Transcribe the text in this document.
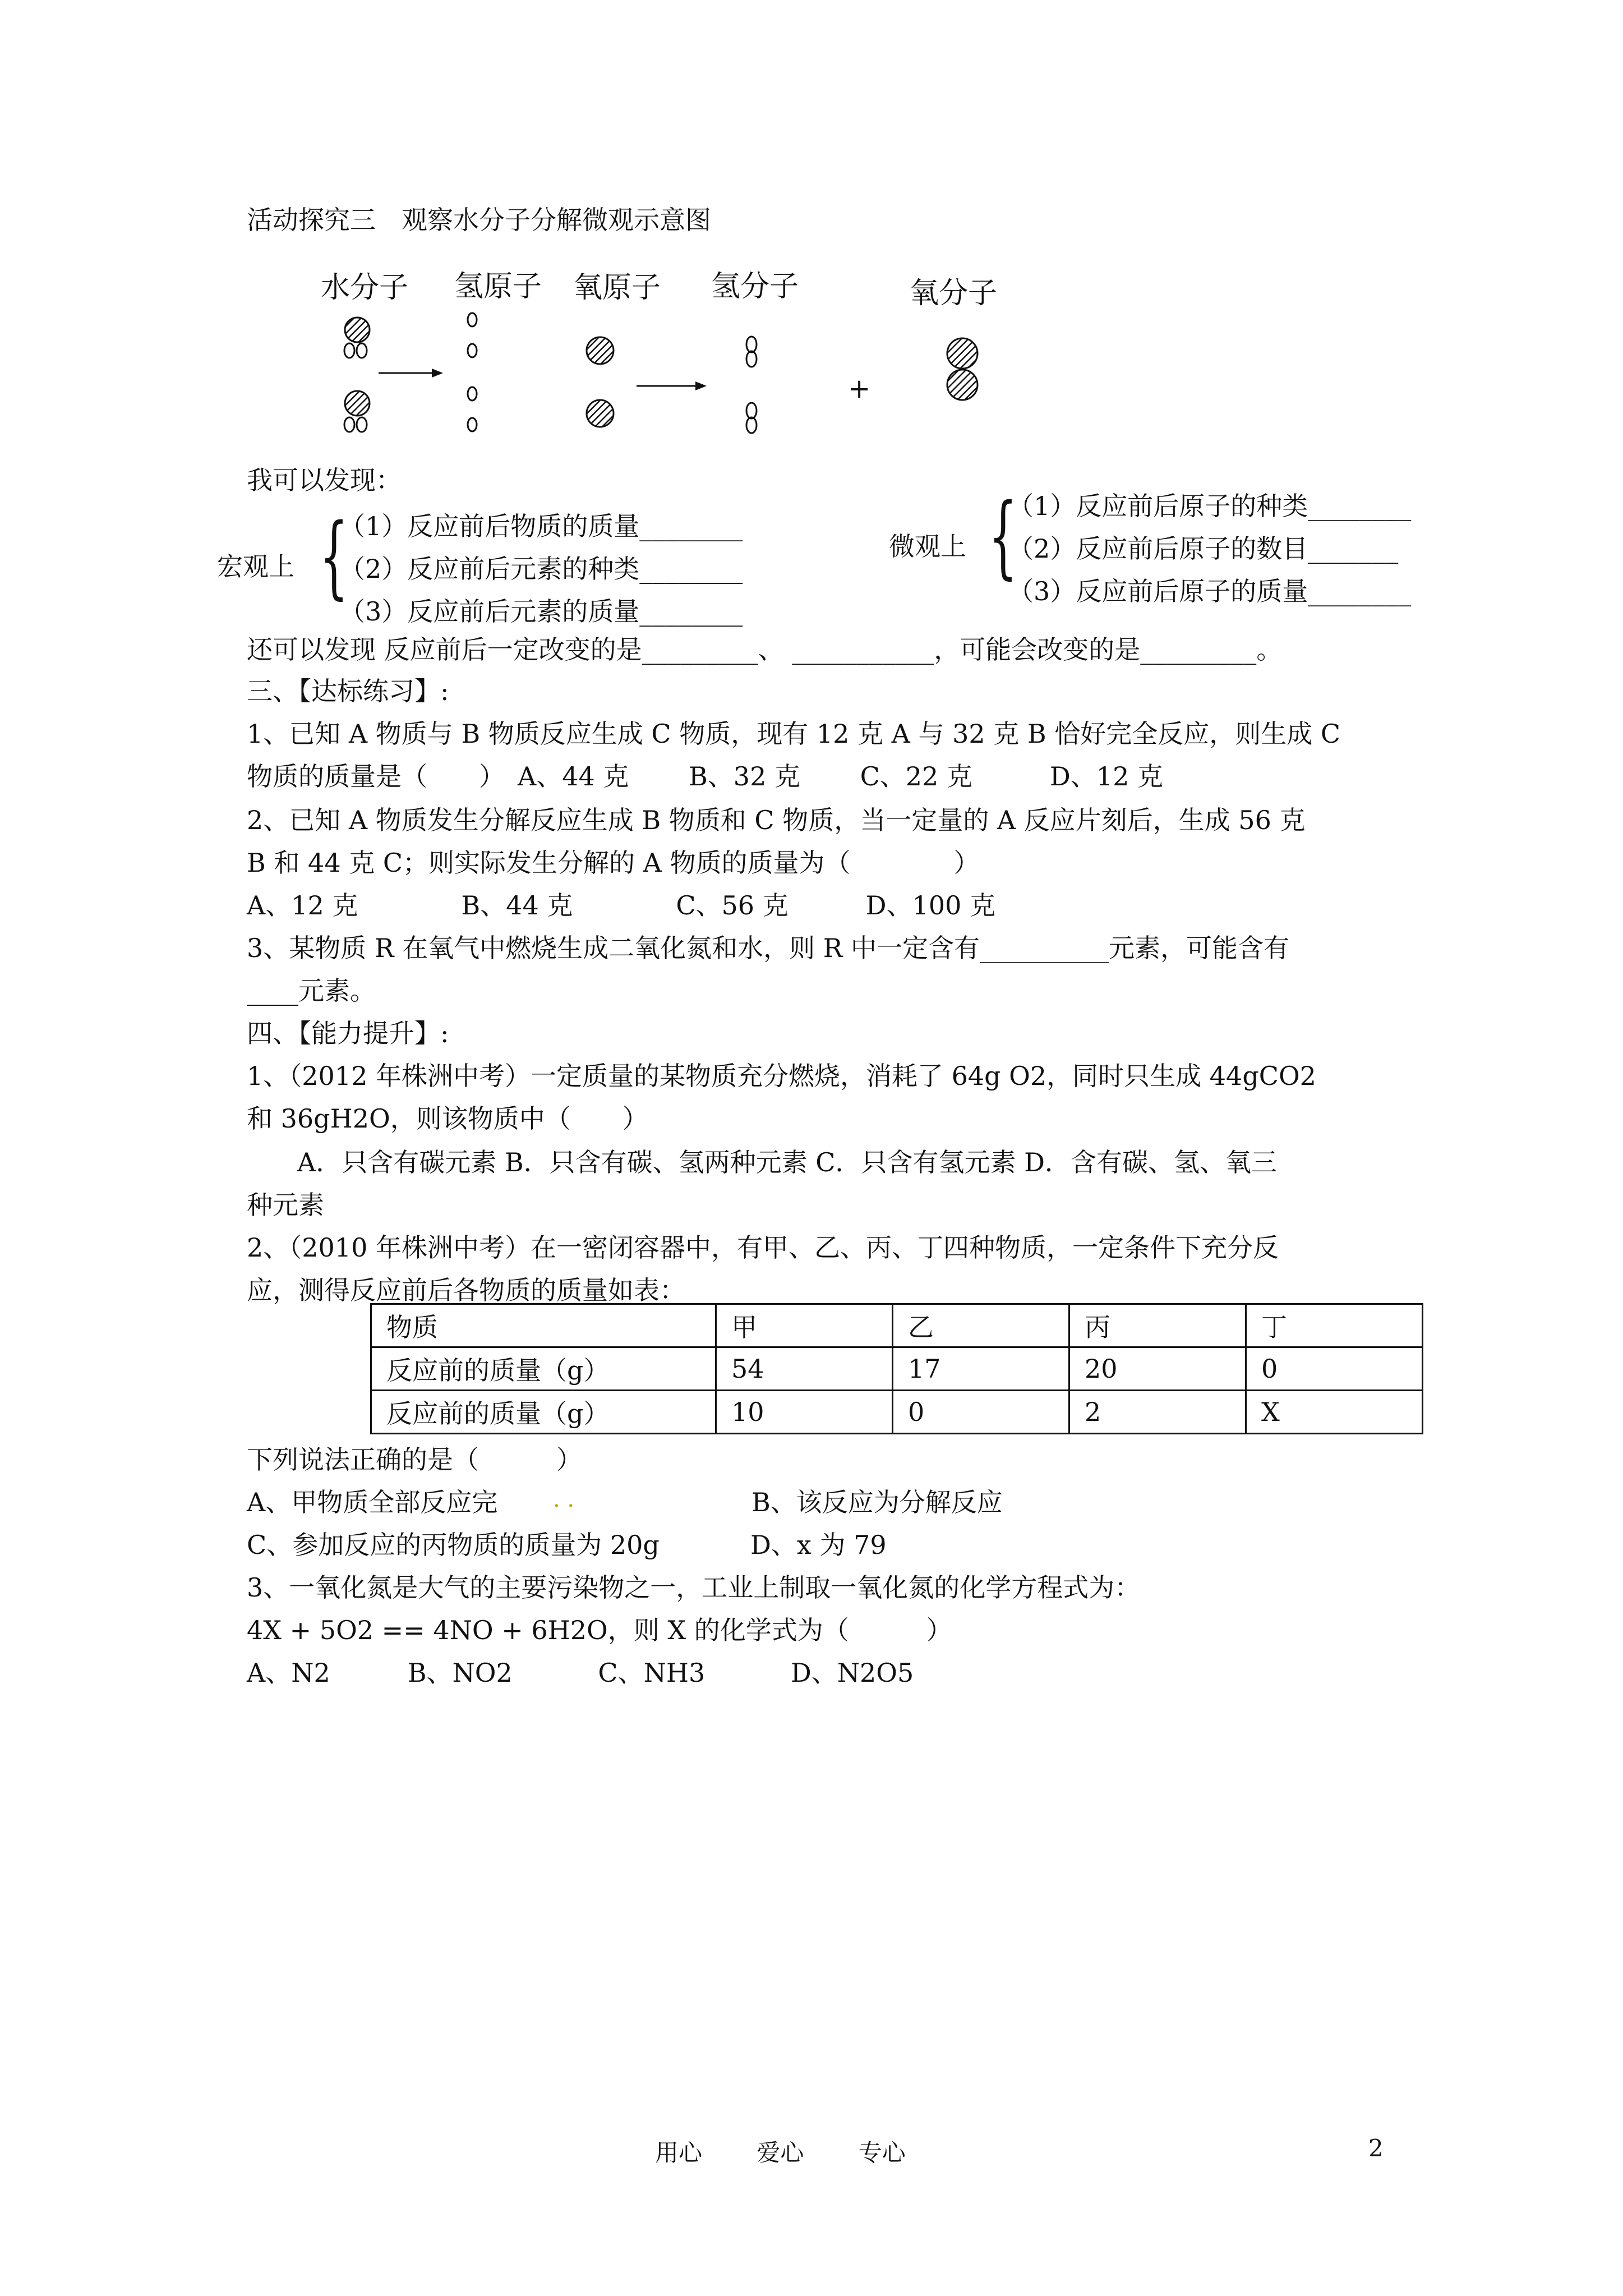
活动探究三　观察水分子分解微观示意图
水分子 氢原子 氧原子 氢分子	氧分子
+
我可以发现：
宏观上 {
（1）反应前后物质的质量________
（2）反应前后元素的种类________
（3）反应前后元素的质量________
微观上 {
（1）反应前后原子的种类________
（2）反应前后原子的数目_______
（3）反应前后原子的质量________
还可以发现 反应前后一定改变的是_________、 ___________，可能会改变的是_________。
三、【达标练习】:
1、已知 A 物质与 B 物质反应生成 C 物质，现有 12 克 A 与 32 克 B 恰好完全反应，则生成 C
物质的质量是（　　）　A、44 克　　 B、32 克　　 C、22 克　　　D、12 克
2、已知 A 物质发生分解反应生成 B 物质和 C 物质，当一定量的 A 反应片刻后，生成 56 克
B 和 44 克 C；则实际发生分解的 A 物质的质量为（　　　　）
A、12 克　　　　B、44 克　　　　C、56 克　　　D、100 克
3、某物质 R 在氧气中燃烧生成二氧化氮和水，则 R 中一定含有__________元素，可能含有
____元素。
四、【能力提升】:
1、（2012 年株洲中考）一定质量的某物质充分燃烧，消耗了 64g O2，同时只生成 44gCO2
和 36gH2O，则该物质中（　　）
A．只含有碳元素 B．只含有碳、氢两种元素 C．只含有氢元素 D．含有碳、氢、氧三
种元素
2、（2010 年株洲中考）在一密闭容器中，有甲、乙、丙、丁四种物质，一定条件下充分反
应，测得反应前后各物质的质量如表：
物质	甲	乙	丙	丁
反应前的质量（g）	54	17	20	0
反应前的质量（g）	10	0	2	X
下列说法正确的是（　　　）
A、甲物质全部反应完 . .	B、该反应为分解反应
C、参加反应的丙物质的质量为 20g	D、x 为 79
3、一氧化氮是大气的主要污染物之一，工业上制取一氧化氮的化学方程式为：
4X + 5O2 == 4NO + 6H2O，则 X 的化学式为（　　　）
A、N2　　　B、NO2　　　 C、NH3　　　 D、N2O5
用心　　 爱心　　 专心	2
